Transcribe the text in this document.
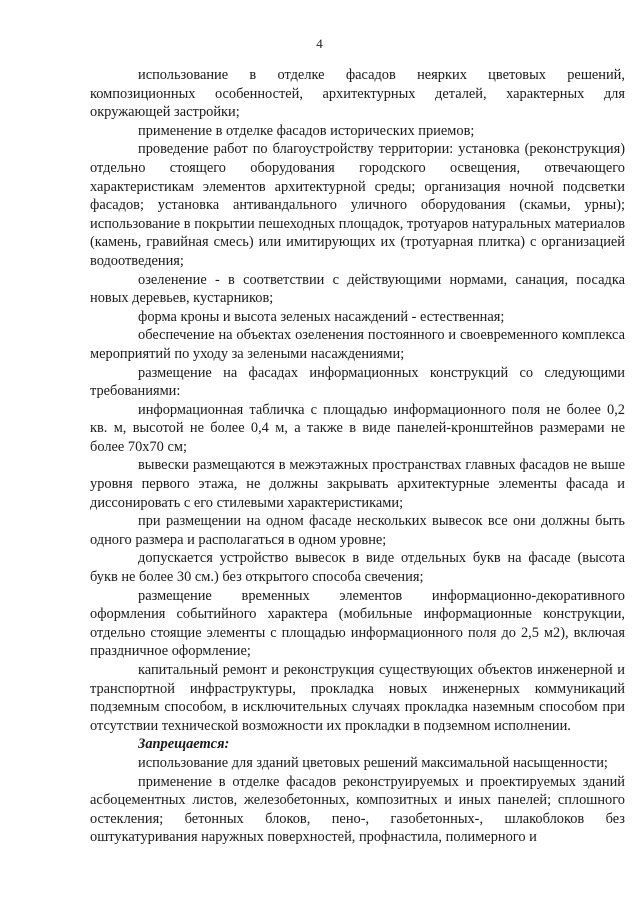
4

использование в отделке фасадов неярких цветовых решений, композиционных особенностей, архитектурных деталей, характерных для окружающей застройки;

применение в отделке фасадов исторических приемов;

проведение работ по благоустройству территории: установка (реконструкция) отдельно стоящего оборудования городского освещения, отвечающего характеристикам элементов архитектурной среды; организация ночной подсветки фасадов; установка антивандального уличного оборудования (скамьи, урны); использование в покрытии пешеходных площадок, тротуаров натуральных материалов (камень, гравийная смесь) или имитирующих их (тротуарная плитка) с организацией водоотведения;

озеленение - в соответствии с действующими нормами, санация, посадка новых деревьев, кустарников;

форма кроны и высота зеленых насаждений - естественная;

обеспечение на объектах озеленения постоянного и своевременного комплекса мероприятий по уходу за зелеными насаждениями;

размещение на фасадах информационных конструкций со следующими требованиями:

информационная табличка с площадью информационного поля не более 0,2 кв. м, высотой не более 0,4 м, а также в виде панелей-кронштейнов размерами не более 70х70 см;

вывески размещаются в межэтажных пространствах главных фасадов не выше уровня первого этажа, не должны закрывать архитектурные элементы фасада и диссонировать с его стилевыми характеристиками;

при размещении на одном фасаде нескольких вывесок все они должны быть одного размера и располагаться в одном уровне;

допускается устройство вывесок в виде отдельных букв на фасаде (высота букв не более 30 см.) без открытого способа свечения;

размещение временных элементов информационно-декоративного оформления событийного характера (мобильные информационные конструкции, отдельно стоящие элементы с площадью информационного поля до 2,5 м2), включая праздничное оформление;

капитальный ремонт и реконструкция существующих объектов инженерной и транспортной инфраструктуры, прокладка новых инженерных коммуникаций подземным способом, в исключительных случаях прокладка наземным способом при отсутствии технической возможности их прокладки в подземном исполнении.

Запрещается:

использование для зданий цветовых решений максимальной насыщенности;

применение в отделке фасадов реконструируемых и проектируемых зданий асбоцементных листов, железобетонных, композитных и иных панелей; сплошного остекления; бетонных блоков, пено-, газобетонных-, шлакоблоков без оштукатуривания наружных поверхностей, профнастила, полимерного и
